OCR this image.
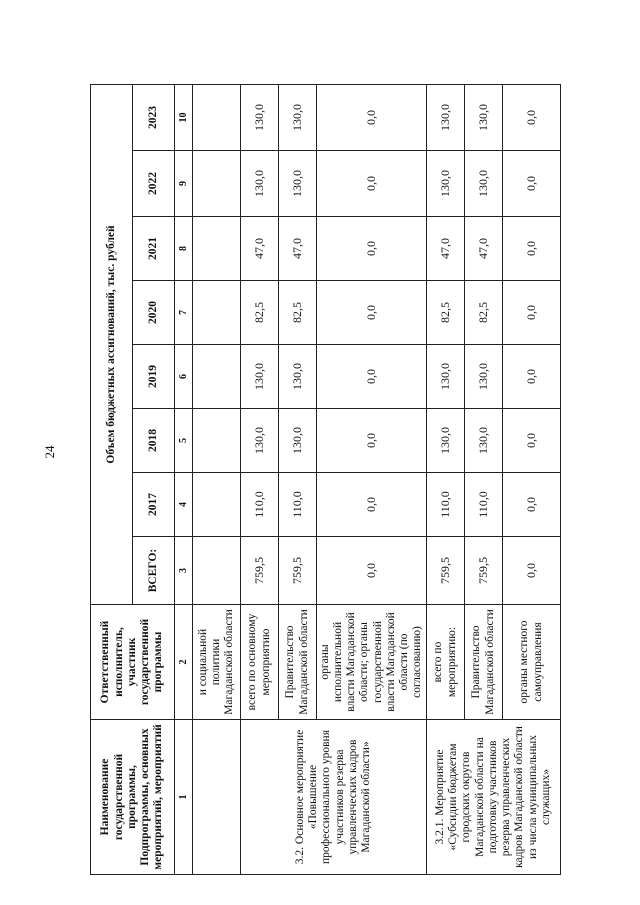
24
Наименование государственной программы, Подпрограммы, основных мероприятий, мероприятий	Ответственный исполнитель, участник государственной программы	Объем бюджетных ассигнований, тыс. рублей							
		ВСЕГО:	2017	2018	2019	2020	2021	2022	2023
1	2	3	4	5	6	7	8	9	10
	и социальной политики Магаданской области								
3.2. Основное мероприятие «Повышение профессионального уровня участников резерва управленческих кадров Магаданской области»	всего по основному мероприятию	759,5	110,0	130,0	130,0	82,5	47,0	130,0	130,0
	Правительство Магаданской области	759,5	110,0	130,0	130,0	82,5	47,0	130,0	130,0
	органы исполнительной власти Магаданской области; органы государственной власти Магаданской области (по согласованию)	0,0	0,0	0,0	0,0	0,0	0,0	0,0	0,0
3.2.1. Мероприятие «Субсидии бюджетам городских округов Магаданской области на подготовку участников резерва управленческих кадров Магаданской области из числа муниципальных служащих»	всего по мероприятию:	759,5	110,0	130,0	130,0	82,5	47,0	130,0	130,0
	Правительство Магаданской области	759,5	110,0	130,0	130,0	82,5	47,0	130,0	130,0
	органы местного самоуправления	0,0	0,0	0,0	0,0	0,0	0,0	0,0	0,0
